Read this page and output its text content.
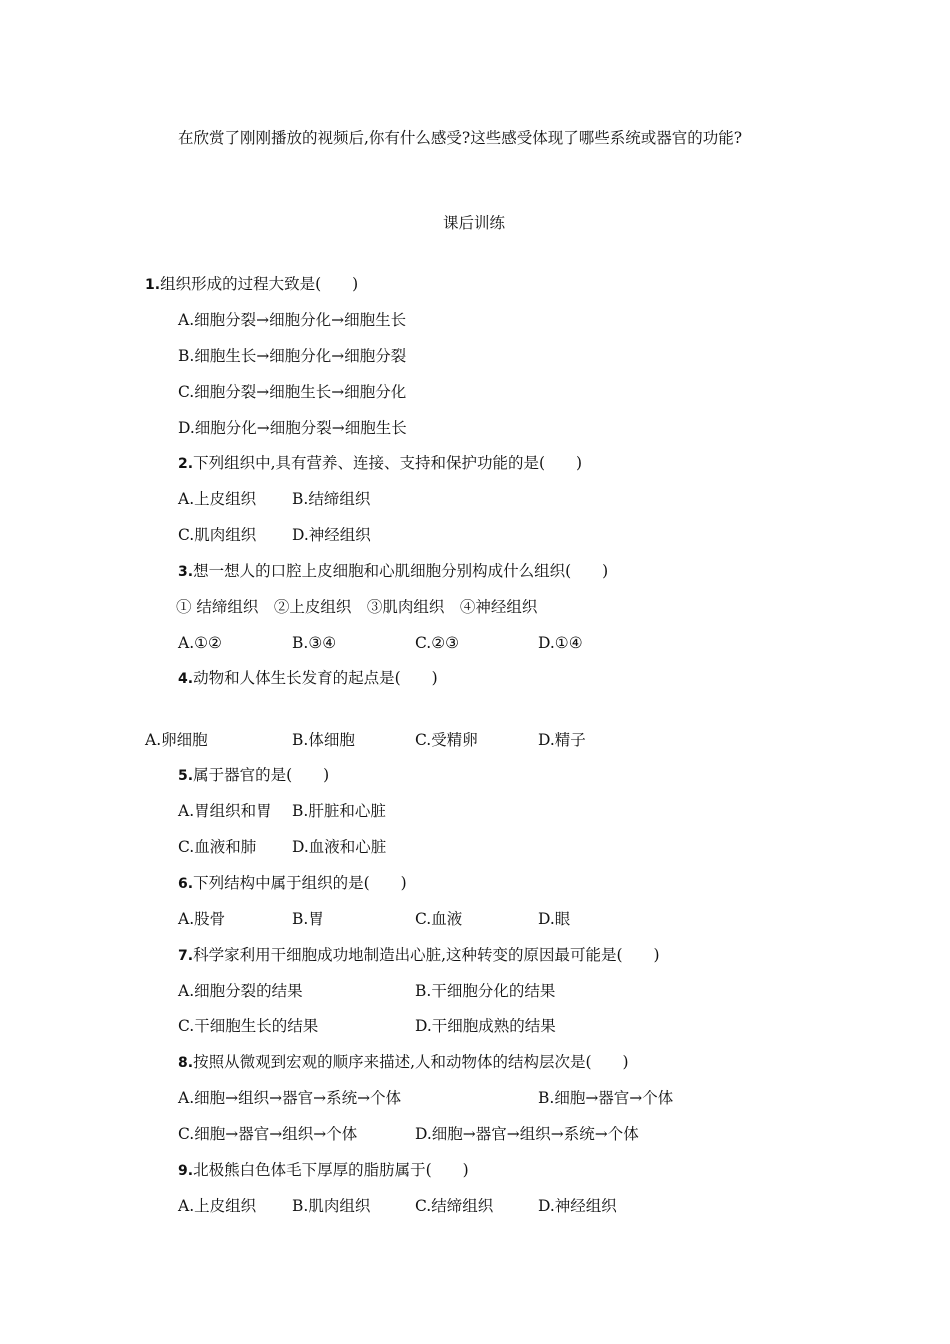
在欣赏了刚刚播放的视频后,你有什么感受?这些感受体现了哪些系统或器官的功能?
课后训练
1.组织形成的过程大致是(　　)
A.细胞分裂→细胞分化→细胞生长
B.细胞生长→细胞分化→细胞分裂
C.细胞分裂→细胞生长→细胞分化
D.细胞分化→细胞分裂→细胞生长
2.下列组织中,具有营养、连接、支持和保护功能的是(　　)
A.上皮组织 B.结缔组织
C.肌肉组织 D.神经组织
3.想一想人的口腔上皮细胞和心肌细胞分别构成什么组织(　　)
① 结缔组织　②上皮组织　③肌肉组织　④神经组织
A.①②	B.③④	C.②③	D.①④
4.动物和人体生长发育的起点是(　　)
A.卵细胞	B.体细胞	C.受精卵	D.精子
5.属于器官的是(　　)
A.胃组织和胃 B.肝脏和心脏
C.血液和肺 D.血液和心脏
6.下列结构中属于组织的是(　　)
A.股骨	B.胃	C.血液	D.眼
7.科学家利用干细胞成功地制造出心脏,这种转变的原因最可能是(　　)
A.细胞分裂的结果	B.干细胞分化的结果
C.干细胞生长的结果	D.干细胞成熟的结果
8.按照从微观到宏观的顺序来描述,人和动物体的结构层次是(　　)
A.细胞→组织→器官→系统→个体	B.细胞→器官→个体
C.细胞→器官→组织→个体	D.细胞→器官→组织→系统→个体
9.北极熊白色体毛下厚厚的脂肪属于(　　)
A.上皮组织 B.肌肉组织	C.结缔组织	D.神经组织
